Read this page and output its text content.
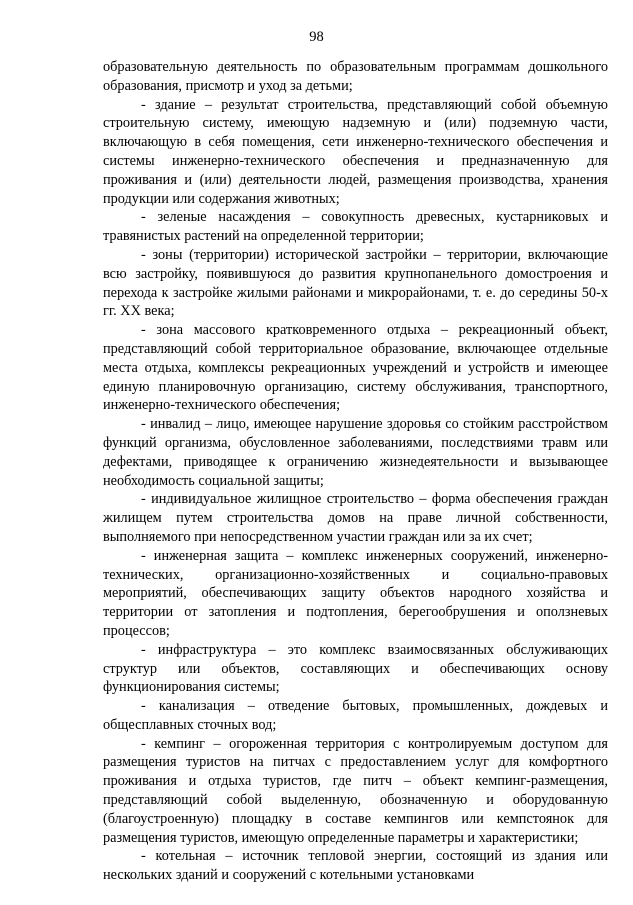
98

образовательную деятельность по образовательным программам дошкольного образования, присмотр и уход за детьми;

- здание – результат строительства, представляющий собой объемную строительную систему, имеющую надземную и (или) подземную части, включающую в себя помещения, сети инженерно-технического обеспечения и системы инженерно-технического обеспечения и предназначенную для проживания и (или) деятельности людей, размещения производства, хранения продукции или содержания животных;

- зеленые насаждения – совокупность древесных, кустарниковых и травянистых растений на определенной территории;

- зоны (территории) исторической застройки – территории, включающие всю застройку, появившуюся до развития крупнопанельного домостроения и перехода к застройке жилыми районами и микрорайонами, т. е. до середины 50-х гг. XX века;

- зона массового кратковременного отдыха – рекреационный объект, представляющий собой территориальное образование, включающее отдельные места отдыха, комплексы рекреационных учреждений и устройств и имеющее единую планировочную организацию, систему обслуживания, транспортного, инженерно-технического обеспечения;

- инвалид – лицо, имеющее нарушение здоровья со стойким расстройством функций организма, обусловленное заболеваниями, последствиями травм или дефектами, приводящее к ограничению жизнедеятельности и вызывающее необходимость социальной защиты;

- индивидуальное жилищное строительство – форма обеспечения граждан жилищем путем строительства домов на праве личной собственности, выполняемого при непосредственном участии граждан или за их счет;

- инженерная защита – комплекс инженерных сооружений, инженерно-технических, организационно-хозяйственных и социально-правовых мероприятий, обеспечивающих защиту объектов народного хозяйства и территории от затопления и подтопления, берегообрушения и оползневых процессов;

- инфраструктура – это комплекс взаимосвязанных обслуживающих структур или объектов, составляющих и обеспечивающих основу функционирования системы;

- канализация – отведение бытовых, промышленных, дождевых и общесплавных сточных вод;

- кемпинг – огороженная территория с контролируемым доступом для размещения туристов на питчах с предоставлением услуг для комфортного проживания и отдыха туристов, где питч – объект кемпинг-размещения, представляющий собой выделенную, обозначенную и оборудованную (благоустроенную) площадку в составе кемпингов или кемпстоянок для размещения туристов, имеющую определенные параметры и характеристики;

- котельная – источник тепловой энергии, состоящий из здания или нескольких зданий и сооружений с котельными установками
